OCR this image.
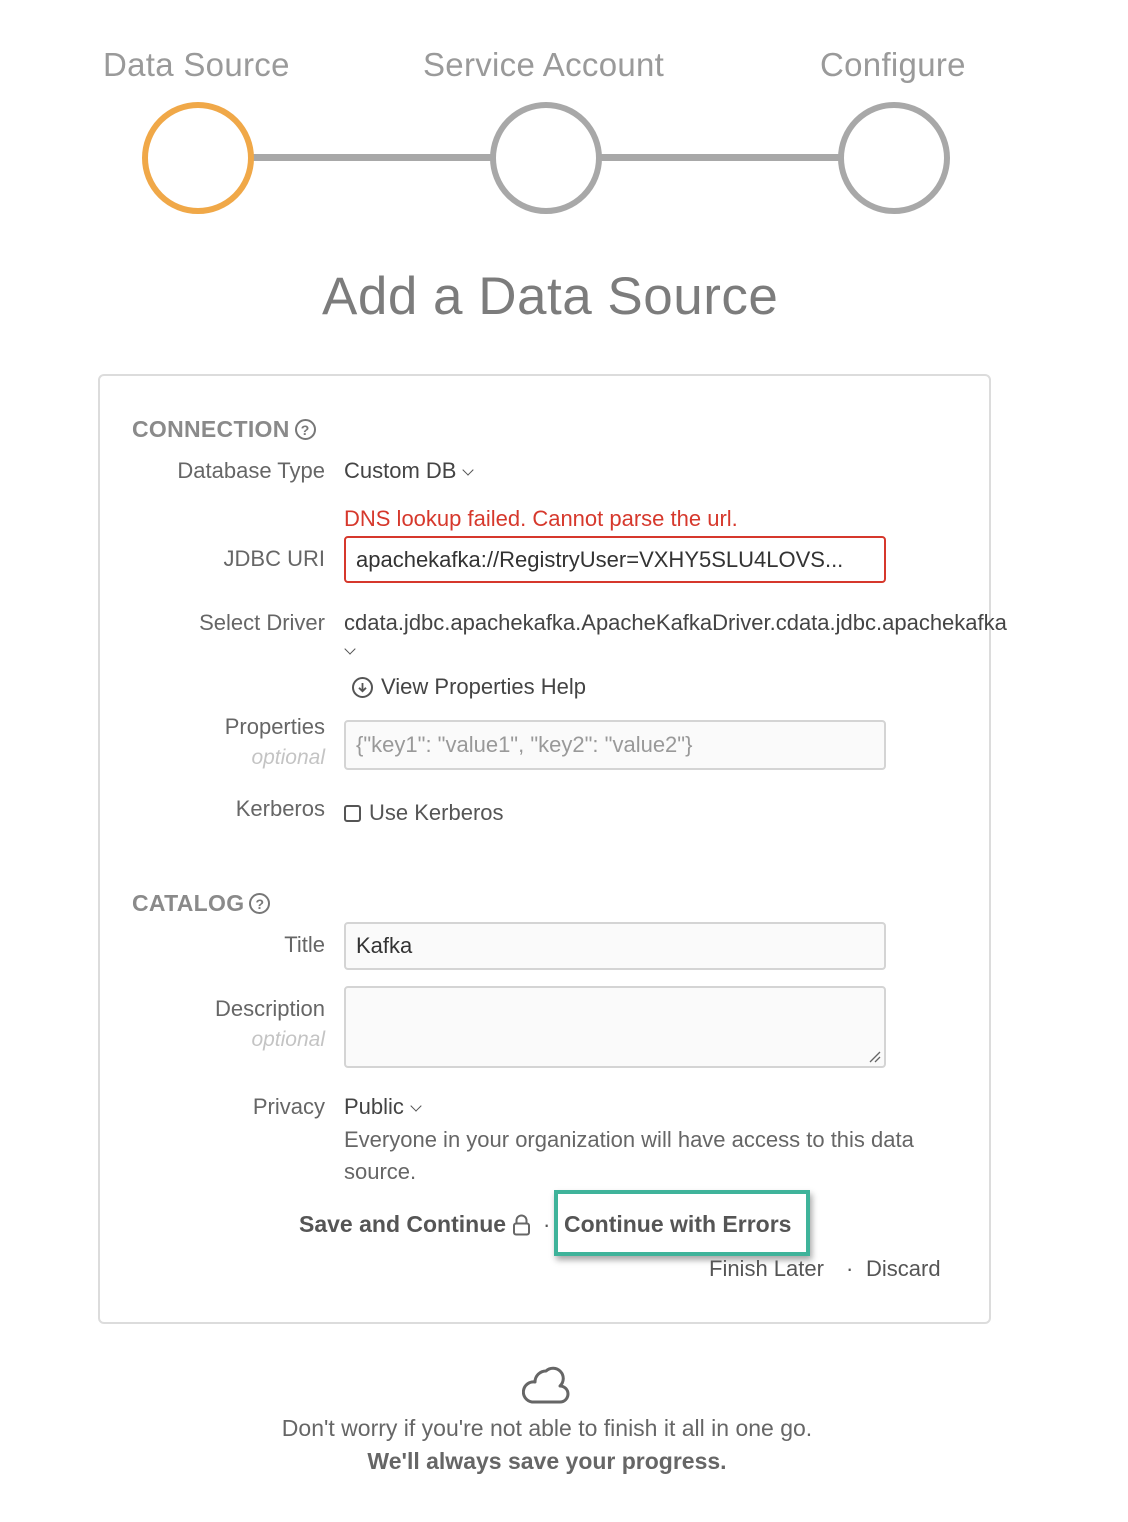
Data Source	Service Account	Configure
Add a Data Source
CONNECTION ?
Database Type Custom DB
DNS lookup failed. Cannot parse the url.
JDBC URI apachekafka://RegistryUser=VXHY5SLU4LOVS...
Select Driver cdata.jdbc.apachekafka.ApacheKafkaDriver.cdata.jdbc.apachekafka
View Properties Help
Properties
optional
{"key1": "value1", "key2": "value2"}
Kerberos Use Kerberos
CATALOG ?
Title Kafka
Description
optional
Privacy Public
Everyone in your organization will have access to this data source.
Save and Continue · Continue with Errors
Finish Later · Discard
Don't worry if you're not able to finish it all in one go.
We'll always save your progress.
